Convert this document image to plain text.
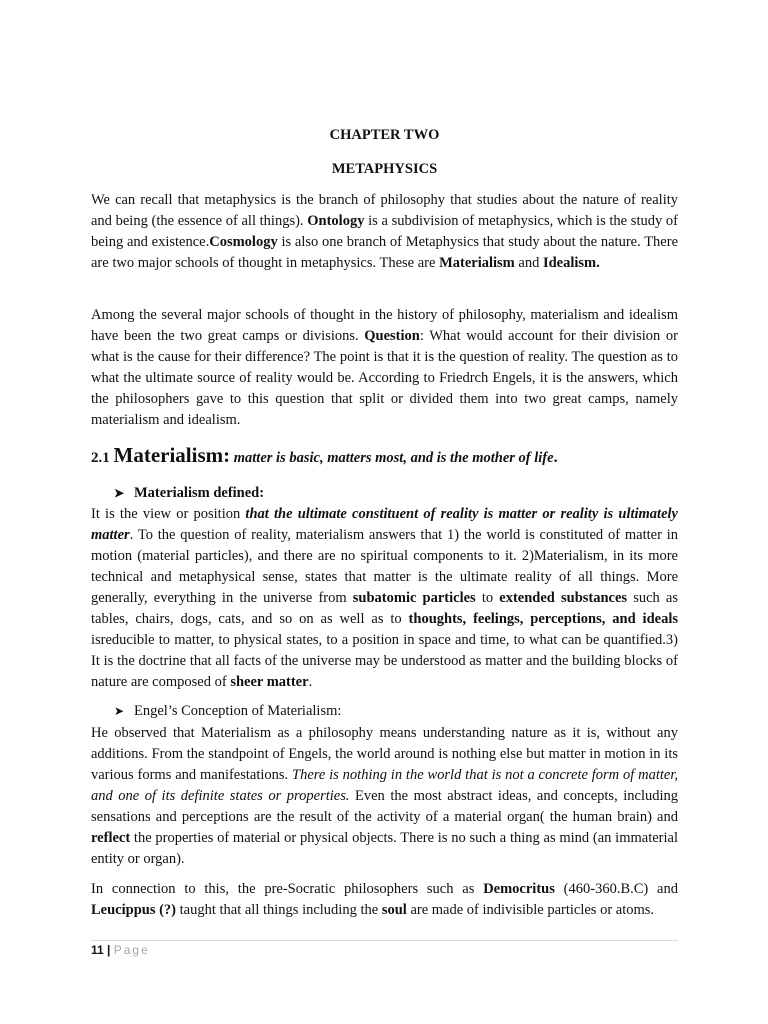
CHAPTER TWO
METAPHYSICS

We can recall that metaphysics is the branch of philosophy that studies about the nature of reality and being (the essence of all things). Ontology is a subdivision of metaphysics, which is the study of being and existence.Cosmology is also one branch of Metaphysics that study about the nature. There are two major schools of thought in metaphysics. These are Materialism and Idealism.

Among the several major schools of thought in the history of philosophy, materialism and idealism have been the two great camps or divisions. Question: What would account for their division or what is the cause for their difference? The point is that it is the question of reality. The question as to what the ultimate source of reality would be. According to Friedrch Engels, it is the answers, which the philosophers gave to this question that split or divided them into two great camps, namely materialism and idealism.

2.1 Materialism: matter is basic, matters most, and is the mother of life.
➤ Materialism defined:

It is the view or position that the ultimate constituent of reality is matter or reality is ultimately matter. To the question of reality, materialism answers that 1) the world is constituted of matter in motion (material particles), and there are no spiritual components to it. 2)Materialism, in its more technical and metaphysical sense, states that matter is the ultimate reality of all things. More generally, everything in the universe from subatomic particles to extended substances such as tables, chairs, dogs, cats, and so on as well as to thoughts, feelings, perceptions, and ideals isreducible to matter, to physical states, to a position in space and time, to what can be quantified.3) It is the doctrine that all facts of the universe may be understood as matter and the building blocks of nature are composed of sheer matter.

➤ Engel’s Conception of Materialism:

He observed that Materialism as a philosophy means understanding nature as it is, without any additions. From the standpoint of Engels, the world around is nothing else but matter in motion in its various forms and manifestations. There is nothing in the world that is not a concrete form of matter, and one of its definite states or properties. Even the most abstract ideas, and concepts, including sensations and perceptions are the result of the activity of a material organ( the human brain) and reflect the properties of material or physical objects. There is no such a thing as mind (an immaterial entity or organ).

In connection to this, the pre-Socratic philosophers such as Democritus (460-360.B.C) and Leucippus (?) taught that all things including the soul are made of indivisible particles or atoms.

11 | Page
